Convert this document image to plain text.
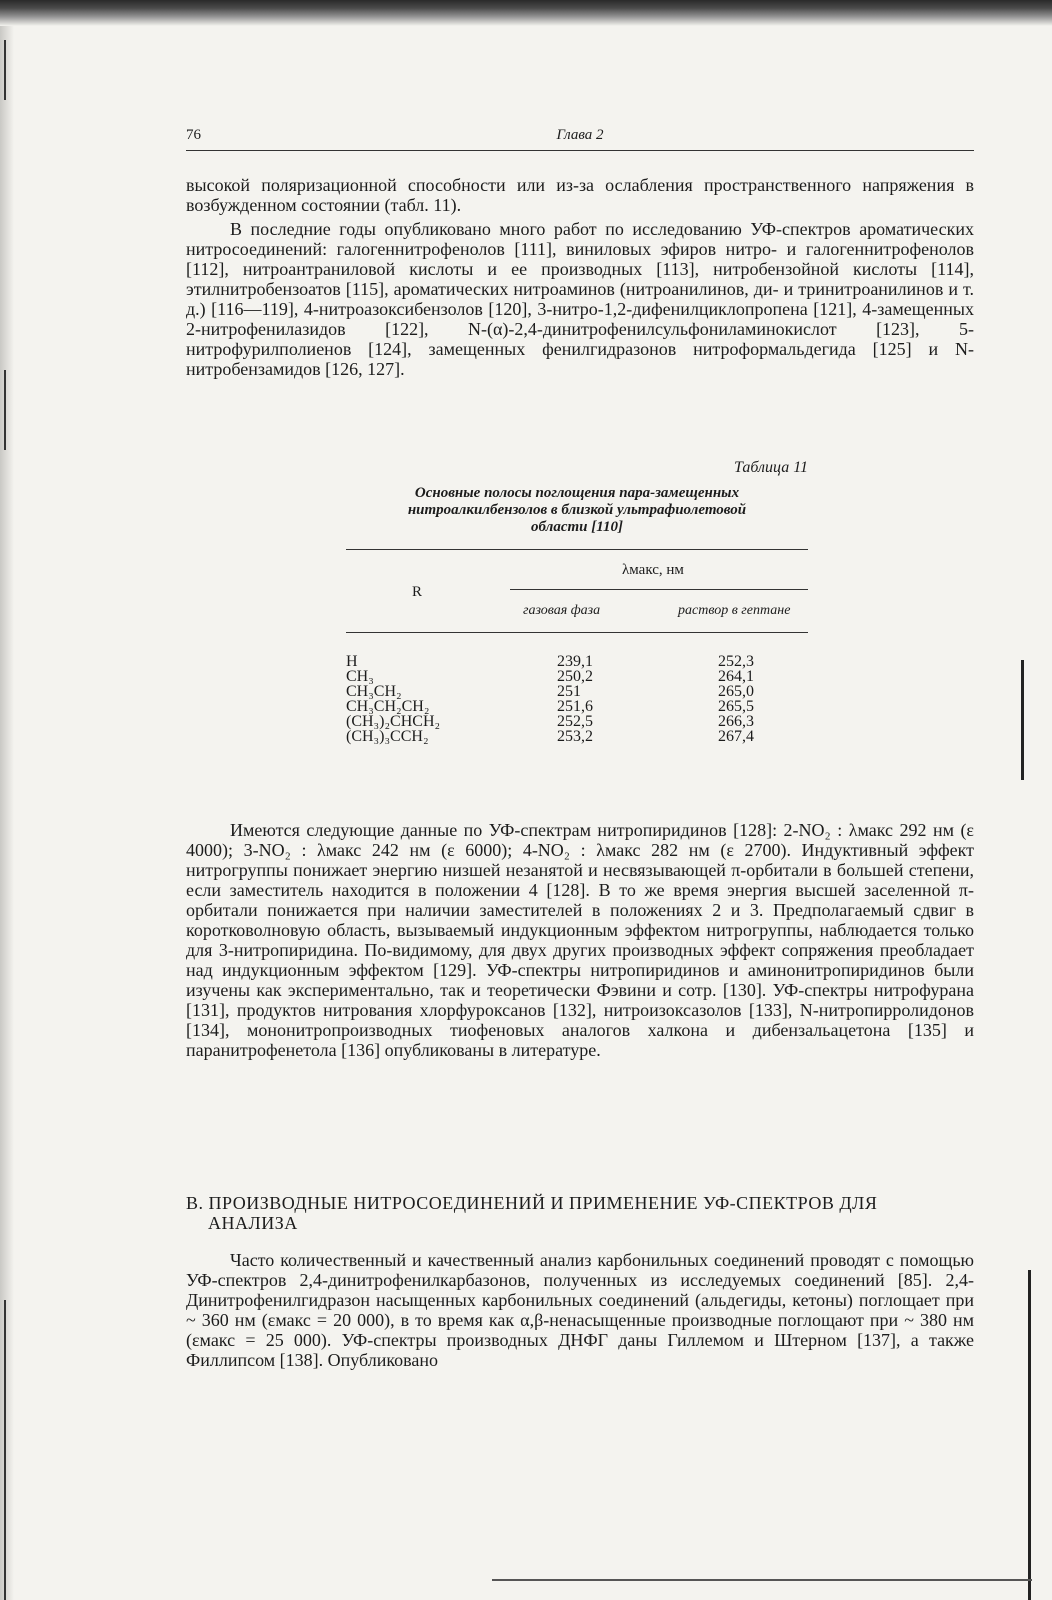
76	Глава 2

высокой поляризационной способности или из-за ослабления пространственного напряжения в возбужденном состоянии (табл. 11).

В последние годы опубликовано много работ по исследованию УФ-спектров ароматических нитросоединений: галогеннитрофенолов [111], виниловых эфиров нитро- и галогеннитрофенолов [112], нитроантраниловой кислоты и ее производных [113], нитробензойной кислоты [114], этилнитробензоатов [115], ароматических нитроаминов (нитроанилинов, ди- и тринитроанилинов и т. д.) [116—119], 4-нитроазоксибензолов [120], 3-нитро-1,2-дифенилциклопропена [121], 4-замещенных 2-нитрофенилазидов [122], N-(α)-2,4-динитрофенилсульфониламинокислот [123], 5-нитрофурилполиенов [124], замещенных фенилгидразонов нитроформальдегида [125] и N-нитробензамидов [126, 127].

Таблица 11
Основные полосы поглощения пара-замещенных
нитроалкилбензолов в близкой ультрафиолетовой
области [110]
R
λмакс, нм
газовая фаза	раствор в гептане
H	239,1	252,3
CH₃	250,2	264,1
CH₃CH₂	251	265,0
CH₃CH₂CH₂	251,6	265,5
(CH₃)₂CHCH₂	252,5	266,3
(CH₃)₃CCH₂	253,2	267,4

Имеются следующие данные по УФ-спектрам нитропиридинов [128]: 2-NO₂ : λмакс 292 нм (ε 4000); 3-NO₂ : λмакс 242 нм (ε 6000); 4-NO₂ : λмакс 282 нм (ε 2700). Индуктивный эффект нитрогруппы понижает энергию низшей незанятой и несвязывающей π-орбитали в большей степени, если заместитель находится в положении 4 [128]. В то же время энергия высшей заселенной π-орбитали понижается при наличии заместителей в положениях 2 и 3. Предполагаемый сдвиг в коротковолновую область, вызываемый индукционным эффектом нитрогруппы, наблюдается только для 3-нитропиридина. По-видимому, для двух других производных эффект сопряжения преобладает над индукционным эффектом [129]. УФ-спектры нитропиридинов и аминонитропиридинов были изучены как экспериментально, так и теоретически Фэвини и сотр. [130]. УФ-спектры нитрофурана [131], продуктов нитрования хлорфуроксанов [132], нитроизоксазолов [133], N-нитропирролидонов [134], мононитропроизводных тиофеновых аналогов халкона и дибензальацетона [135] и паранитрофенетола [136] опубликованы в литературе.

В. ПРОИЗВОДНЫЕ НИТРОСОЕДИНЕНИЙ И ПРИМЕНЕНИЕ УФ-СПЕКТРОВ ДЛЯ
АНАЛИЗА

Часто количественный и качественный анализ карбонильных соединений проводят с помощью УФ-спектров 2,4-динитрофенилкарбазонов, полученных из исследуемых соединений [85]. 2,4-Динитрофенилгидразон насыщенных карбонильных соединений (альдегиды, кетоны) поглощает при ~ 360 нм (εмакс = 20 000), в то время как α,β-ненасыщенные производные поглощают при ~ 380 нм (εмакс = 25 000). УФ-спектры производных ДНФГ даны Гиллемом и Штерном [137], а также Филлипсом [138]. Опубликовано
